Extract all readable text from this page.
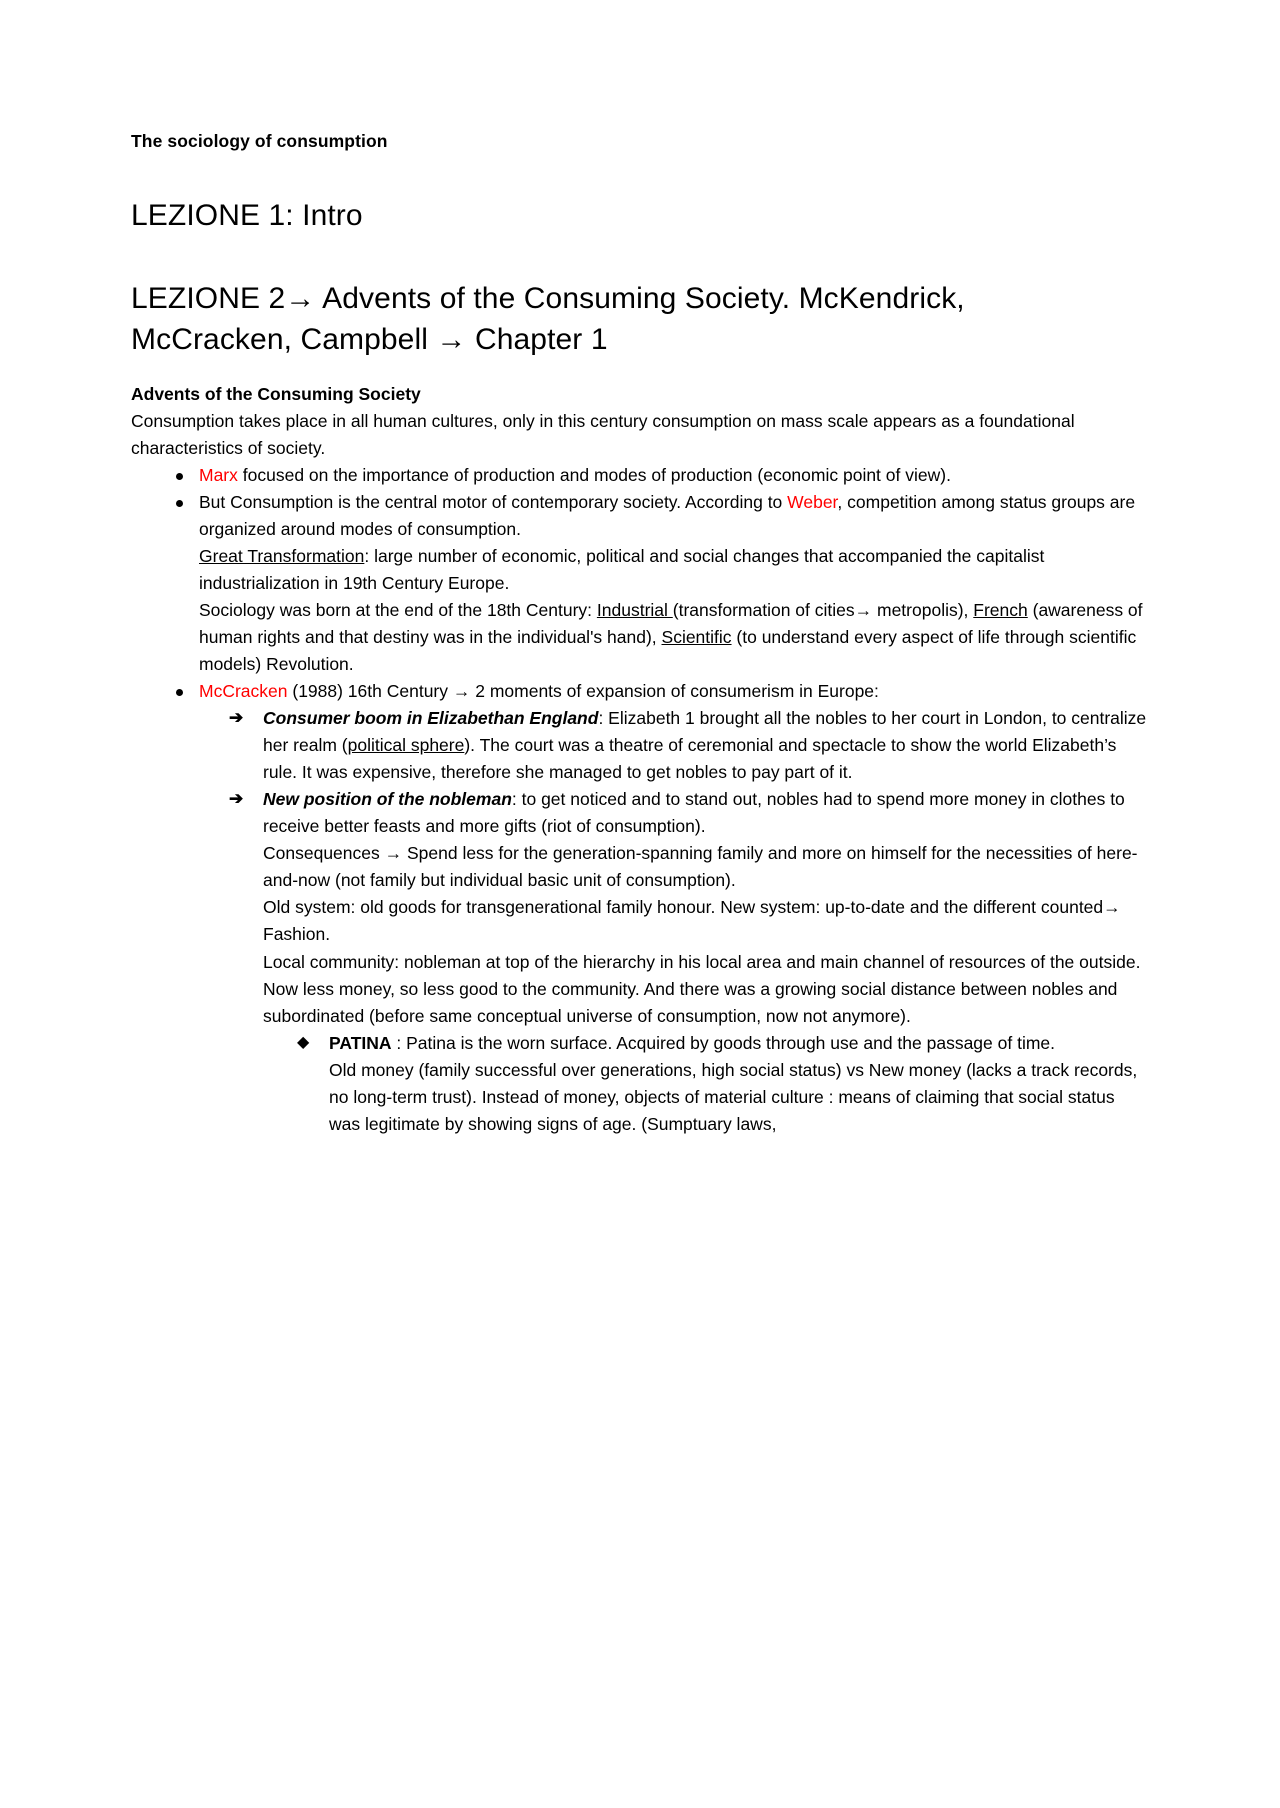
The sociology of consumption
LEZIONE 1: Intro
LEZIONE 2→ Advents of the Consuming Society. McKendrick,
McCracken, Campbell → Chapter 1
Advents of the Consuming Society

Consumption takes place in all human cultures, only in this century consumption on mass scale appears as a foundational characteristics of society.

Marx focused on the importance of production and modes of production (economic point of view).
But Consumption is the central motor of contemporary society. According to Weber, competition among status groups are organized around modes of consumption.
Great Transformation: large number of economic, political and social changes that accompanied the capitalist industrialization in 19th Century Europe.
Sociology was born at the end of the 18th Century: Industrial (transformation of cities→ metropolis), French (awareness of human rights and that destiny was in the individual's hand), Scientific (to understand every aspect of life through scientific models) Revolution.
McCracken (1988) 16th Century → 2 moments of expansion of consumerism in Europe:
➔ Consumer boom in Elizabethan England: Elizabeth 1 brought all the nobles to her court in London, to centralize her realm (political sphere). The court was a theatre of ceremonial and spectacle to show the world Elizabeth’s rule. It was expensive, therefore she managed to get nobles to pay part of it.
➔ New position of the nobleman: to get noticed and to stand out, nobles had to spend more money in clothes to receive better feasts and more gifts (riot of consumption).
Consequences → Spend less for the generation-spanning family and more on himself for the necessities of here-and-now (not family but individual basic unit of consumption).
Old system: old goods for transgenerational family honour. New system: up-to-date and the different counted→ Fashion.
Local community: nobleman at top of the hierarchy in his local area and main channel of resources of the outside. Now less money, so less good to the community. And there was a growing social distance between nobles and subordinated (before same conceptual universe of consumption, now not anymore).
◆ PATINA : Patina is the worn surface. Acquired by goods through use and the passage of time.
Old money (family successful over generations, high social status) vs New money (lacks a track records, no long-term trust). Instead of money, objects of material culture : means of claiming that social status was legitimate by showing signs of age. (Sumptuary laws,
